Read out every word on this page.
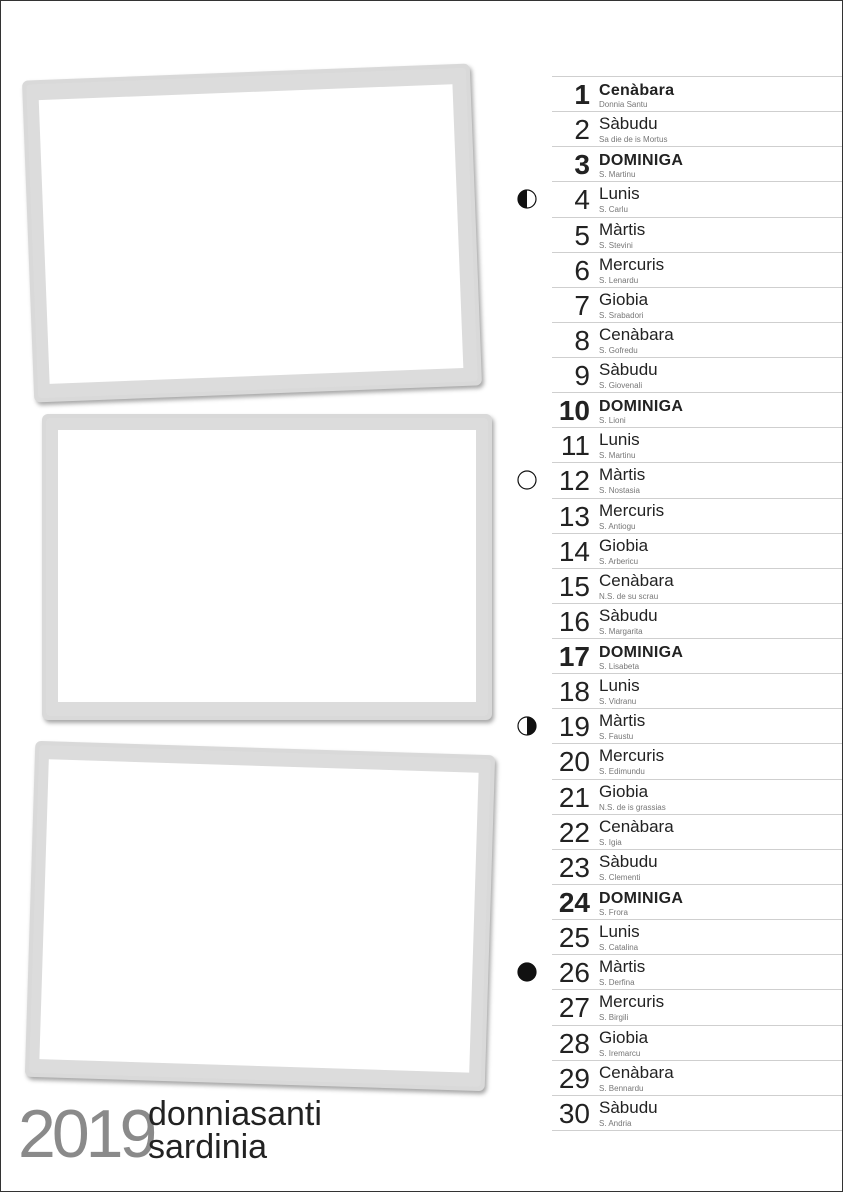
2019
donniasanti
sardinia
1 Cenàbara
Donnia Santu
2 Sàbudu
Sa die de is Mortus
3 DOMINIGA
S. Martinu
4 Lunis
S. Carlu
5 Màrtis
S. Stevini
6 Mercuris
S. Lenardu
7 Giobia
S. Srabadori
8 Cenàbara
S. Gofredu
9 Sàbudu
S. Giovenali
10 DOMINIGA
S. Lioni
11 Lunis
S. Martinu
12 Màrtis
S. Nostasia
13 Mercuris
S. Antiogu
14 Giobia
S. Arbericu
15 Cenàbara
N.S. de su scrau
16 Sàbudu
S. Margarita
17 DOMINIGA
S. Lisabeta
18 Lunis
S. Vidranu
19 Màrtis
S. Faustu
20 Mercuris
S. Edimundu
21 Giobia
N.S. de is grassias
22 Cenàbara
S. Igia
23 Sàbudu
S. Clementi
24 DOMINIGA
S. Frora
25 Lunis
S. Catalina
26 Màrtis
S. Derfina
27 Mercuris
S. Birgili
28 Giobia
S. Iremarcu
29 Cenàbara
S. Bennardu
30 Sàbudu
S. Andria
